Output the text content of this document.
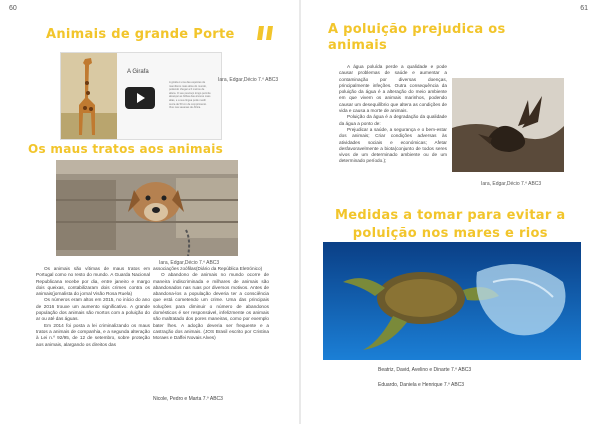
60
Animais de grande Porte
A Girafa
A girafa é uma das espécies de
mamíferos mais altos do mundo,
podendo chegar a 6 metros de
altura. O seu pescoço longo permite
alcançar as folhas das árvores mais
altas, e a sua língua pode medir
cerca de 50 cm de comprimento.
Vive nas savanas de África.
Iara, Edgar,Décio 7.º ABC3
Os maus tratos aos animais
Iara, Edgar,Décio 7.º ABC3

Os animais são vítimas de maus tratos em Portugal como no resto do mundo. A Guarda Nacional Republicana recebe por dia, entre janeiro e margo dois queixas, contabilizaram dois crimes contra os animais(jornalista do jornal Visão Rosa Ruela)

Os números eram altos em 2015, no início do ano de 2016 trouxe um aumento significativo. A grande população dos animais são mortos com a poluição do ar ou até das águas.

Em 2014 foi posta a lei criminalizando os maus tratos a animais de companhia, e a segunda alteração à Lei n.º 92/95, de 12 de setembro, sobre proteção aos animais, alargando os direitos das

associações zoófilas(Diário da República Eletrónico)

O abandono de animais no mundo ocorre de maneira indiscriminada e milhares de animais são abandonados nas ruas por diversos motivos. Antes de abandona-los a população deveria ter a consciência que está cometendo um crime. Uma das principais soluções para diminuir o número de abandonos domésticos é ser responsável, infelizmente os animais são maltratado dos pores maneiras, como por exemplo bater lhes. A adoção deveria ser frequente e a castração dos animais. (JOS Brasil escrito por Cristina Moraes e Daffei Novais Alves)

Nicole, Pedro e Marta 7.º ABC3
61
A poluição prejudica os
animais

A água poluída perde a qualidade e pode causar problemas de saúde e aumentar a contaminação por diversas doenças, principalmente infeções. Outra consequência da poluição da água é a alteração do meio ambiente em que vivem os animais marinhos, podendo causar um desequilíbrio que altera as condições de vida e causa a morte de animais.

Poluição da água é a degradação da qualidade da água a ponto de:

Prejudicar a saúde, a segurança e o bem-estar dos animais; Criar condições adversas às atividades sociais e económicas; Afetar desfavoravelmente a biota(conjunto de todos seres vivos de um determinado ambiente ou de um determinado período.);

Iara, Edgar,Décio 7.º ABC3
Medidas a tomar para evitar a
poluição nos mares e rios
Beatriz, David, Avelino e Dinarte 7.º ABC3
Eduardo, Daniela e Henrique 7.º ABC3
